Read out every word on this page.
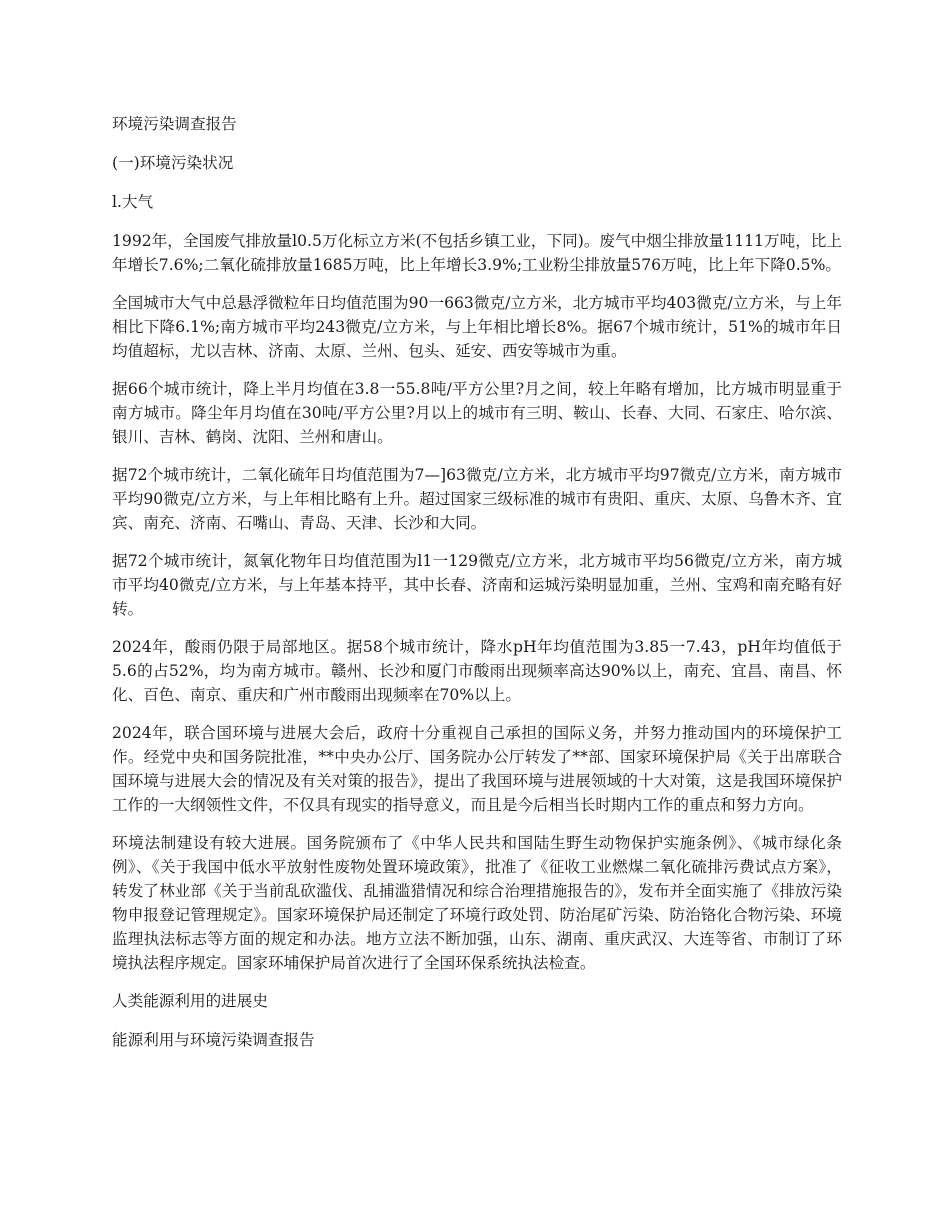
环境污染调查报告

(一)环境污染状况

l.大气

1992年，全国废气排放量l0.5万化标立方米(不包括乡镇工业，下同)。废气中烟尘排放量1111万吨，比上年增长7.6%;二氧化硫排放量1685万吨，比上年增长3.9%;工业粉尘排放量576万吨，比上年下降0.5%。

全国城市大气中总悬浮微粒年日均值范围为90一663微克/立方米，北方城市平均403微克/立方米，与上年相比下降6.1%;南方城市平均243微克/立方米，与上年相比增长8%。据67个城市统计，51%的城市年日均值超标，尤以吉林、济南、太原、兰州、包头、延安、西安等城市为重。

据66个城市统计，降上半月均值在3.8一55.8吨/平方公里?月之间，较上年略有增加，比方城市明显重于南方城市。降尘年月均值在30吨/平方公里?月以上的城市有三明、鞍山、长春、大同、石家庄、哈尔滨、银川、吉林、鹤岗、沈阳、兰州和唐山。

据72个城市统计，二氧化硫年日均值范围为7—]63微克/立方米，北方城市平均97微克/立方米，南方城市平均90微克/立方米，与上年相比略有上升。超过国家三级标准的城市有贵阳、重庆、太原、乌鲁木齐、宜宾、南充、济南、石嘴山、青岛、天津、长沙和大同。

据72个城市统计，氮氧化物年日均值范围为l1一129微克/立方米，北方城市平均56微克/立方米，南方城市平均40微克/立方米，与上年基本持平，其中长春、济南和运城污染明显加重，兰州、宝鸡和南充略有好转。

2024年，酸雨仍限于局部地区。据58个城市统计，降水pH年均值范围为3.85一7.43，pH年均值低于5.6的占52%，均为南方城市。赣州、长沙和厦门市酸雨出现频率高达90%以上，南充、宜昌、南昌、怀化、百色、南京、重庆和广州市酸雨出现频率在70%以上。

2024年，联合国环境与进展大会后，政府十分重视自己承担的国际义务，并努力推动国内的环境保护工作。经党中央和国务院批准，**中央办公厅、国务院办公厅转发了**部、国家环境保护局《关于出席联合国环境与进展大会的情况及有关对策的报告》，提出了我国环境与进展领域的十大对策，这是我国环境保护工作的一大纲领性文件，不仅具有现实的指导意义，而且是今后相当长时期内工作的重点和努力方向。

环境法制建设有较大进展。国务院颁布了《中华人民共和国陆生野生动物保护实施条例》、《城市绿化条例》、《关于我国中低水平放射性废物处置环境政策》，批准了《征收工业燃煤二氧化硫排污费试点方案》，转发了林业部《关于当前乱砍滥伐、乱捕滥猎情况和综合治理措施报告的》，发布并全面实施了《排放污染物申报登记管理规定》。国家环境保护局还制定了环境行政处罚、防治尾矿污染、防治铬化合物污染、环境监理执法标志等方面的规定和办法。地方立法不断加强，山东、湖南、重庆武汉、大连等省、市制订了环境执法程序规定。国家环埔保护局首次进行了全国环保系统执法检查。

人类能源利用的进展史

能源利用与环境污染调查报告
